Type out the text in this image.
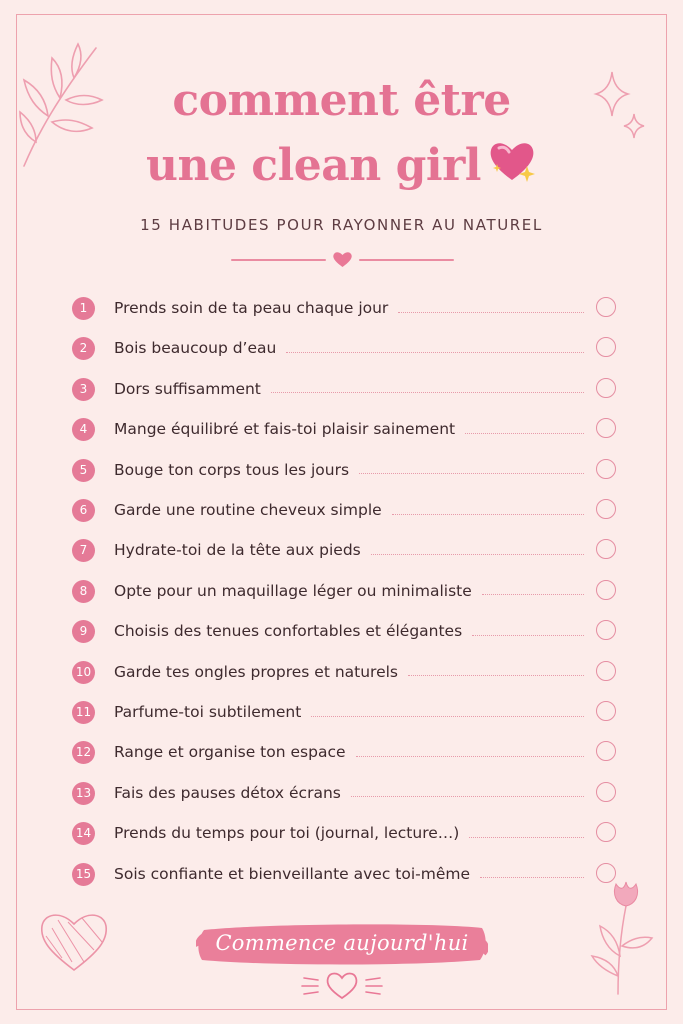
comment être
une clean girl
15 HABITUDES POUR RAYONNER AU NATUREL
1	Prends soin de ta peau chaque jour
2	Bois beaucoup d’eau
3	Dors suffisamment
4	Mange équilibré et fais-toi plaisir sainement
5	Bouge ton corps tous les jours
6	Garde une routine cheveux simple
7	Hydrate-toi de la tête aux pieds
8	Opte pour un maquillage léger ou minimaliste
9	Choisis des tenues confortables et élégantes
10 Garde tes ongles propres et naturels
11 Parfume-toi subtilement
12 Range et organise ton espace
13 Fais des pauses détox écrans
14 Prends du temps pour toi (journal, lecture…)
15 Sois confiante et bienveillante avec toi-même
Commence aujourd'hui
